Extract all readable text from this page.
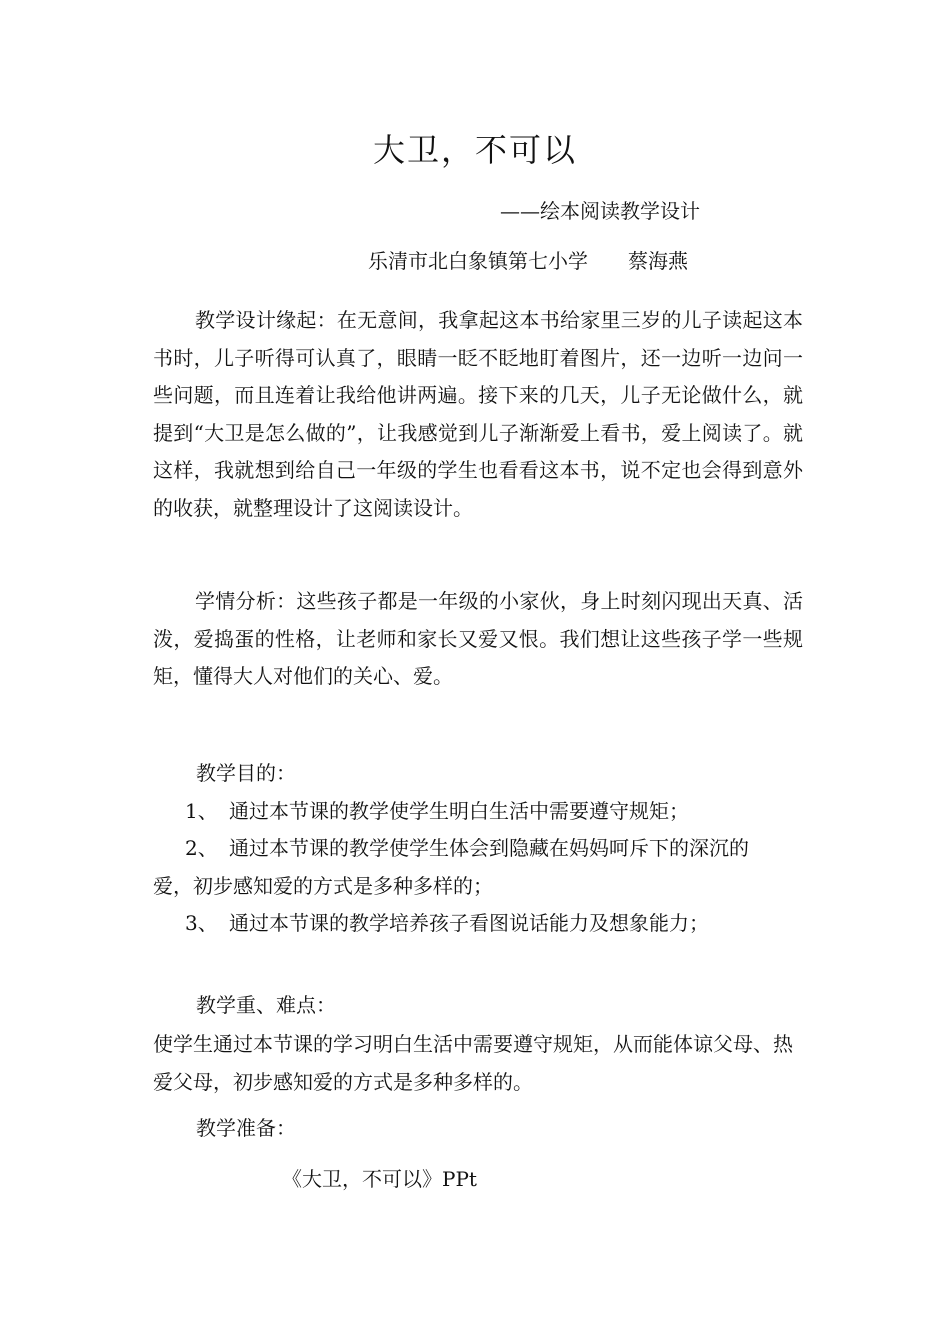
大卫，不可以
——绘本阅读教学设计
乐清市北白象镇第七小学 蔡海燕
教学设计缘起：在无意间，我拿起这本书给家里三岁的儿子读起这本书时，儿子听得可认真了，眼睛一眨不眨地盯着图片，还一边听一边问一些问题，而且连着让我给他讲两遍。接下来的几天，儿子无论做什么，就提到“大卫是怎么做的”，让我感觉到儿子渐渐爱上看书，爱上阅读了。就这样，我就想到给自己一年级的学生也看看这本书，说不定也会得到意外的收获，就整理设计了这阅读设计。
学情分析：这些孩子都是一年级的小家伙，身上时刻闪现出天真、活泼，爱捣蛋的性格，让老师和家长又爱又恨。我们想让这些孩子学一些规矩，懂得大人对他们的关心、爱。
教学目的：
1、 通过本节课的教学使学生明白生活中需要遵守规矩；
2、 通过本节课的教学使学生体会到隐藏在妈妈呵斥下的深沉的
爱，初步感知爱的方式是多种多样的；
3、 通过本节课的教学培养孩子看图说话能力及想象能力；
教学重、难点：
使学生通过本节课的学习明白生活中需要遵守规矩，从而能体谅父母、热爱父母，初步感知爱的方式是多种多样的。
教学准备：
《大卫，不可以》PPt
